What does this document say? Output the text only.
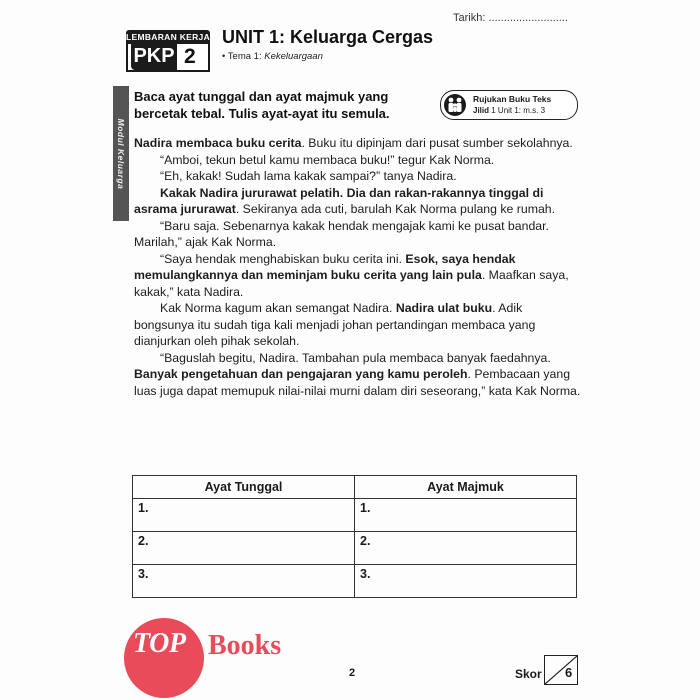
Tarikh: ..........................
LEMBARAN KERJA
PKP 2
UNIT 1: Keluarga Cergas
• Tema 1: Kekeluargaan
Modul Keluarga
Baca ayat tunggal dan ayat majmuk yang bercetak tebal. Tulis ayat-ayat itu semula.
Rujukan Buku Teks
Jilid 1 Unit 1: m.s. 3

Nadira membaca buku cerita. Buku itu dipinjam dari pusat sumber sekolahnya.

“Amboi, tekun betul kamu membaca buku!” tegur Kak Norma.

“Eh, kakak! Sudah lama kakak sampai?” tanya Nadira.

Kakak Nadira jururawat pelatih. Dia dan rakan-rakannya tinggal di asrama jururawat. Sekiranya ada cuti, barulah Kak Norma pulang ke rumah.

“Baru saja. Sebenarnya kakak hendak mengajak kami ke pusat bandar. Marilah,” ajak Kak Norma.

“Saya hendak menghabiskan buku cerita ini. Esok, saya hendak memulangkannya dan meminjam buku cerita yang lain pula. Maafkan saya, kakak,” kata Nadira.

Kak Norma kagum akan semangat Nadira. Nadira ulat buku. Adik bongsunya itu sudah tiga kali menjadi johan pertandingan membaca yang dianjurkan oleh pihak sekolah.

“Baguslah begitu, Nadira. Tambahan pula membaca banyak faedahnya. Banyak pengetahuan dan pengajaran yang kamu peroleh. Pembacaan yang luas juga dapat memupuk nilai-nilai murni dalam diri seseorang,” kata Kak Norma.

Ayat Tunggal	Ayat Majmuk
1.	1.
2.	2.
3.	3.
TOP Books
2	Skor 6
